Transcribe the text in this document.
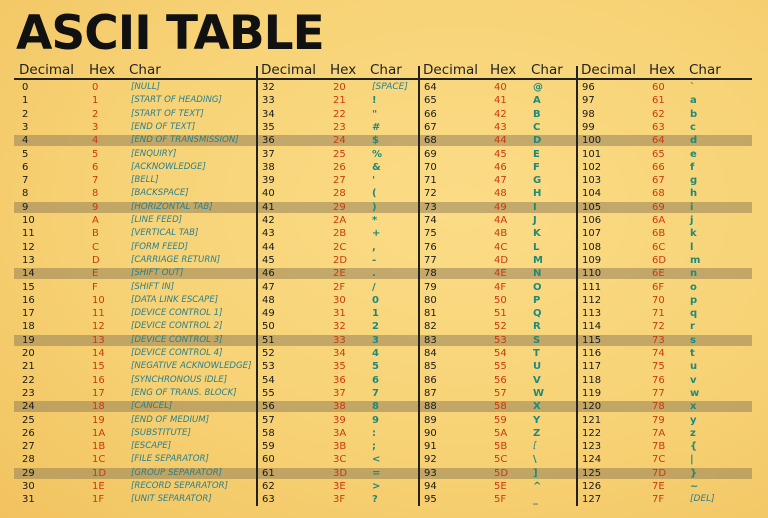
ASCII TABLE
Decimal Hex Char	Decimal Hex Char Decimal Hex Char Decimal Hex Char
0	0	[NULL]
1	1	[START OF HEADING]
2	2	[START OF TEXT]
3	3	[END OF TEXT]
4	4	[END OF TRANSMISSION]
5	5	[ENQUIRY]
6	6	[ACKNOWLEDGE]
7	7	[BELL]
8	8	[BACKSPACE]
9	9	[HORIZONTAL TAB]
10	A	[LINE FEED]
11	B	[VERTICAL TAB]
12	C	[FORM FEED]
13	D	[CARRIAGE RETURN]
14	E	[SHIFT OUT]
15	F	[SHIFT IN]
16	10	[DATA LINK ESCAPE]
17	11	[DEVICE CONTROL 1]
18	12	[DEVICE CONTROL 2]
19	13	[DEVICE CONTROL 3]
20	14	[DEVICE CONTROL 4]
21	15	[NEGATIVE ACKNOWLEDGE]
22	16	[SYNCHRONOUS IDLE]
23	17	[ENG OF TRANS. BLOCK]
24	18	[CANCEL]
25	19	[END OF MEDIUM]
26	1A	[SUBSTITUTE]
27	1B	[ESCAPE]
28	1C	[FILE SEPARATOR]
29	1D	[GROUP SEPARATOR]
30	1E	[RECORD SEPARATOR]
31	1F	[UNIT SEPARATOR]
32	20	[SPACE]
33	21	!
34	22	"
35	23	#
36	24	$
37	25	%
38	26	&
39	27	'
40	28	(
41	29	)
42	2A	*
43	2B	+
44	2C	,
45	2D -
46	2E	.
47	2F	/
48	30	0
49	31	1
50	32	2
51	33	3
52	34	4
53	35	5
54	36	6
55	37	7
56	38	8
57	39	9
58	3A	:
59	3B	;
60	3C	<
61	3D =
62	3E	>
63	3F	?
64	40	@
65	41	A
66	42	B
67	43	C
68	44	D
69	45	E
70	46	F
71	47	G
72	48	H
73	49	I
74	4A	J
75	4B	K
76	4C	L
77	4D M
78	4E	N
79	4F	O
80	50	P
81	51	Q
82	52	R
83	53	S
84	54	T
85	55	U
86	56	V
87	57	W
88	58	X
89	59	Y
90	5A	Z
91	5B	[
92	5C	\
93	5D ]
94	5E	^
95	5F	_
96	60	`
97	61	a
98	62	b
99	63	c
100	64	d
101	65	e
102	66	f
103	67	g
104	68	h
105	69	i
106	6A j
107	6B k
108	6C l
109	6D m
110	6E	n
111	6F	o
112	70	p
113	71	q
114	72	r
115	73	s
116	74	t
117	75	u
118	76	v
119	77	w
120	78	x
121	79	y
122	7A z
123	7B {
124	7C |
125	7D }
126	7E	~
127	7F	[DEL]
